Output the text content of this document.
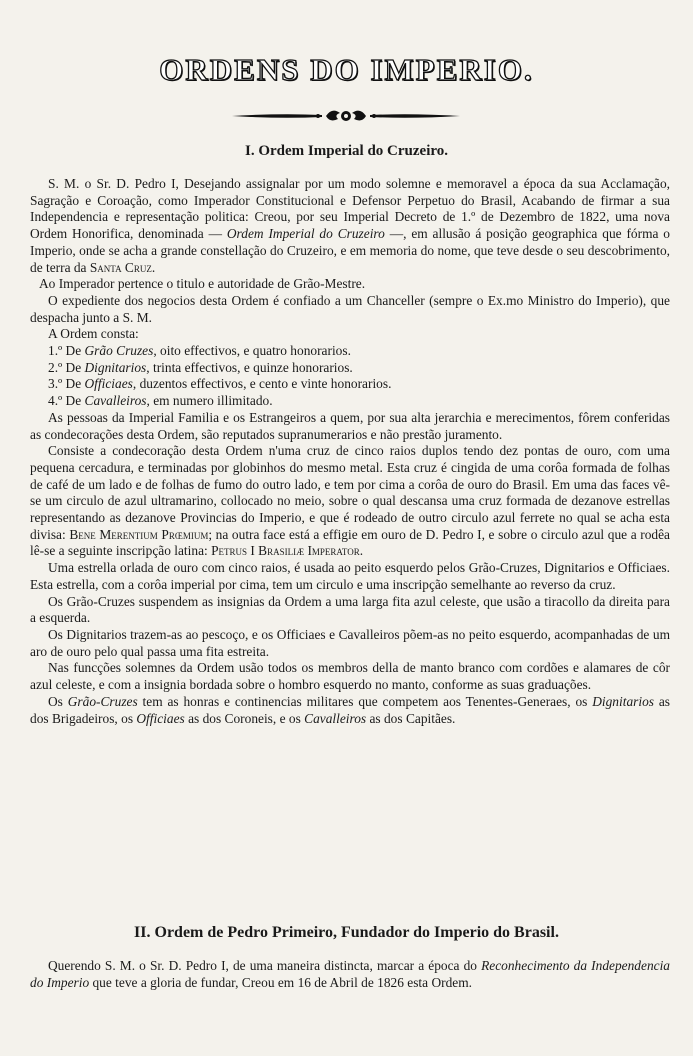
ORDENS DO IMPERIO.
I. Ordem Imperial do Cruzeiro.

S. M. o Sr. D. Pedro I, Desejando assignalar por um modo solemne e memoravel a época da sua Acclamação, Sagração e Coroação, como Imperador Constitucional e Defensor Perpetuo do Brasil, Acabando de firmar a sua Independencia e representação politica: Creou, por seu Imperial Decreto de 1.º de Dezembro de 1822, uma nova Ordem Honorifica, denominada — Ordem Imperial do Cruzeiro —, em allusão á posição geographica que fórma o Imperio, onde se acha a grande constellação do Cruzeiro, e em memoria do nome, que teve desde o seu descobrimento, de terra da Santa Cruz.

Ao Imperador pertence o titulo e autoridade de Grão-Mestre.

O expediente dos negocios desta Ordem é confiado a um Chanceller (sempre o Ex.mo Ministro do Imperio), que despacha junto a S. M.

A Ordem consta:

1.º De Grão Cruzes, oito effectivos, e quatro honorarios.

2.º De Dignitarios, trinta effectivos, e quinze honorarios.

3.º De Officiaes, duzentos effectivos, e cento e vinte honorarios.

4.º De Cavalleiros, em numero illimitado.

As pessoas da Imperial Familia e os Estrangeiros a quem, por sua alta jerarchia e merecimentos, fôrem conferidas as condecorações desta Ordem, são reputados supranumerarios e não prestão juramento.

Consiste a condecoração desta Ordem n'uma cruz de cinco raios duplos tendo dez pontas de ouro, com uma pequena cercadura, e terminadas por globinhos do mesmo metal. Esta cruz é cingida de uma corôa formada de folhas de café de um lado e de folhas de fumo do outro lado, e tem por cima a corôa de ouro do Brasil. Em uma das faces vê-se um circulo de azul ultramarino, collocado no meio, sobre o qual descansa uma cruz formada de dezanove estrellas representando as dezanove Provincias do Imperio, e que é rodeado de outro circulo azul ferrete no qual se acha esta divisa: Bene Merentium Prœmium; na outra face está a effigie em ouro de D. Pedro I, e sobre o circulo azul que a rodêa lê-se a seguinte inscripção latina: Petrus I Brasiliæ Imperator.

Uma estrella orlada de ouro com cinco raios, é usada ao peito esquerdo pelos Grão-Cruzes, Dignitarios e Officiaes. Esta estrella, com a corôa imperial por cima, tem um circulo e uma inscripção semelhante ao reverso da cruz.

Os Grão-Cruzes suspendem as insignias da Ordem a uma larga fita azul celeste, que usão a tiracollo da direita para a esquerda.

Os Dignitarios trazem-as ao pescoço, e os Officiaes e Cavalleiros põem-as no peito esquerdo, acompanhadas de um aro de ouro pelo qual passa uma fita estreita.

Nas funcções solemnes da Ordem usão todos os membros della de manto branco com cordões e alamares de côr azul celeste, e com a insignia bordada sobre o hombro esquerdo no manto, conforme as suas graduações.

Os Grão-Cruzes tem as honras e continencias militares que competem aos Tenentes-Generaes, os Dignitarios as dos Brigadeiros, os Officiaes as dos Coroneis, e os Cavalleiros as dos Capitães.

II. Ordem de Pedro Primeiro, Fundador do Imperio do Brasil.

Querendo S. M. o Sr. D. Pedro I, de uma maneira distincta, marcar a época do Reconhecimento da Independencia do Imperio que teve a gloria de fundar, Creou em 16 de Abril de 1826 esta Ordem.
